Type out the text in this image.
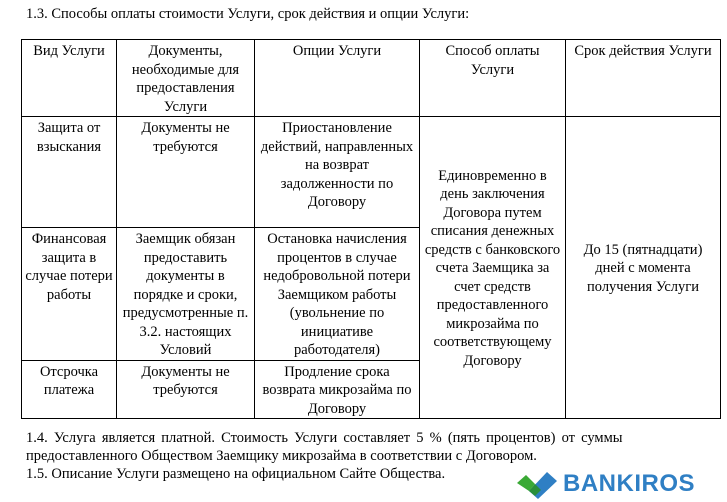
1.3. Способы оплаты стоимости Услуги, срок действия и опции Услуги:
Вид Услуги	Документы, необходимые для предоставления Услуги	Опции Услуги	Способ оплаты Услуги	Срок действия Услуги
Защита от взыскания	Документы не требуются	Приостановление действий, направленных на возврат задолженности по Договору	Единовременно в день заключения Договора путем списания денежных средств с банковского счета Заемщика за счет средств предоставленного микрозайма по соответствующему Договору	До 15 (пятнадцати) дней с момента получения Услуги
Финансовая защита в случае потери работы	Заемщик обязан предоставить документы в порядке и сроки, предусмотренные п. 3.2. настоящих Условий	Остановка начисления процентов в случае недобровольной потери Заемщиком работы (увольнение по инициативе работодателя)		
Отсрочка платежа	Документы не требуются	Продление срока возврата микрозайма по Договору		
1.4. Услуга является платной. Стоимость Услуги составляет 5 % (пять процентов) от суммы
предоставленного Обществом Заемщику микрозайма в соответствии с Договором.
1.5. Описание Услуги размещено на официальном Сайте Общества.	BANKIROS
